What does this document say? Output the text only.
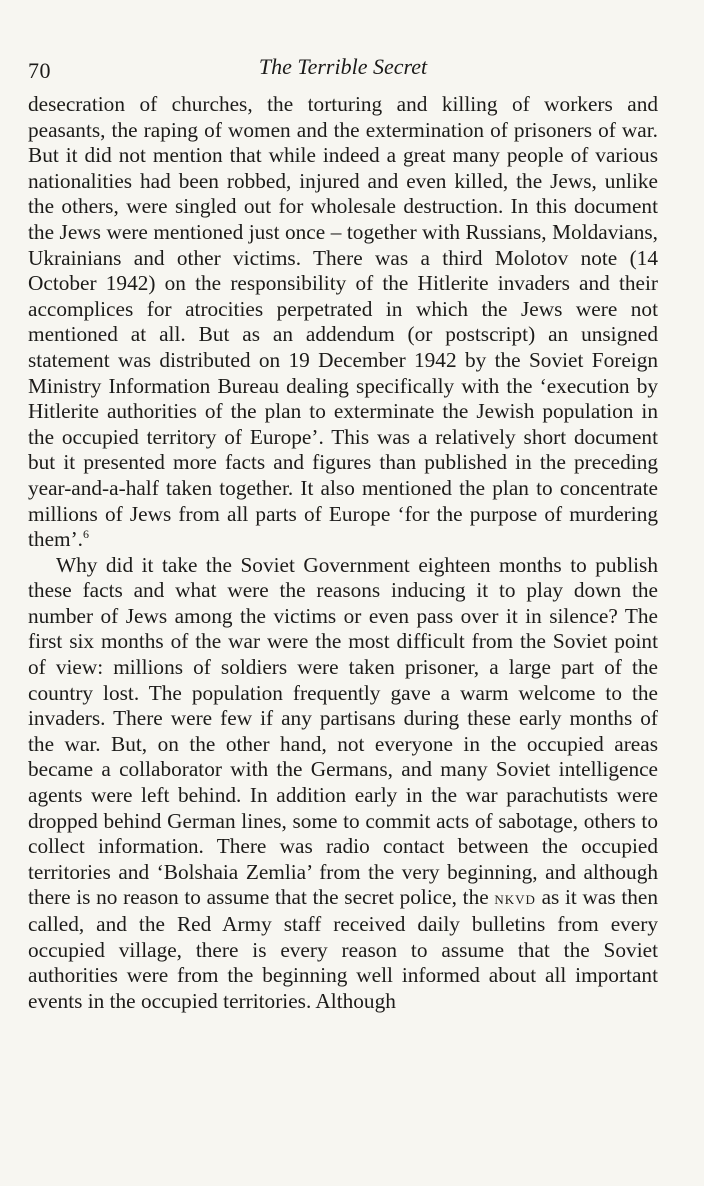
70	The Terrible Secret

desecration of churches, the torturing and killing of workers and peasants, the raping of women and the extermination of prisoners of war. But it did not mention that while indeed a great many people of various nationalities had been robbed, injured and even killed, the Jews, unlike the others, were singled out for wholesale destruction. In this document the Jews were mentioned just once – together with Russians, Moldavians, Ukrainians and other victims. There was a third Molotov note (14 October 1942) on the responsibility of the Hitlerite invaders and their accomplices for atrocities perpetrated in which the Jews were not mentioned at all. But as an addendum (or postscript) an unsigned statement was distributed on 19 December 1942 by the Soviet Foreign Ministry Information Bureau dealing specifically with the ‘execution by Hitlerite authorities of the plan to exterminate the Jewish population in the occupied territory of Europe’. This was a relatively short document but it presented more facts and figures than published in the preceding year-and-a-half taken together. It also mentioned the plan to concentrate millions of Jews from all parts of Europe ‘for the purpose of murdering them’.$^6$

Why did it take the Soviet Government eighteen months to publish these facts and what were the reasons inducing it to play down the number of Jews among the victims or even pass over it in silence? The first six months of the war were the most difficult from the Soviet point of view: millions of soldiers were taken prisoner, a large part of the country lost. The population frequently gave a warm welcome to the invaders. There were few if any partisans during these early months of the war. But, on the other hand, not everyone in the occupied areas became a collaborator with the Germans, and many Soviet intelligence agents were left behind. In addition early in the war parachutists were dropped behind German lines, some to commit acts of sabotage, others to collect information. There was radio contact between the occupied territories and ‘Bolshaia Zemlia’ from the very beginning, and although there is no reason to assume that the secret police, the nkvd as it was then called, and the Red Army staff received daily bulletins from every occupied village, there is every reason to assume that the Soviet authorities were from the beginning well informed about all important events in the occupied territories. Although
